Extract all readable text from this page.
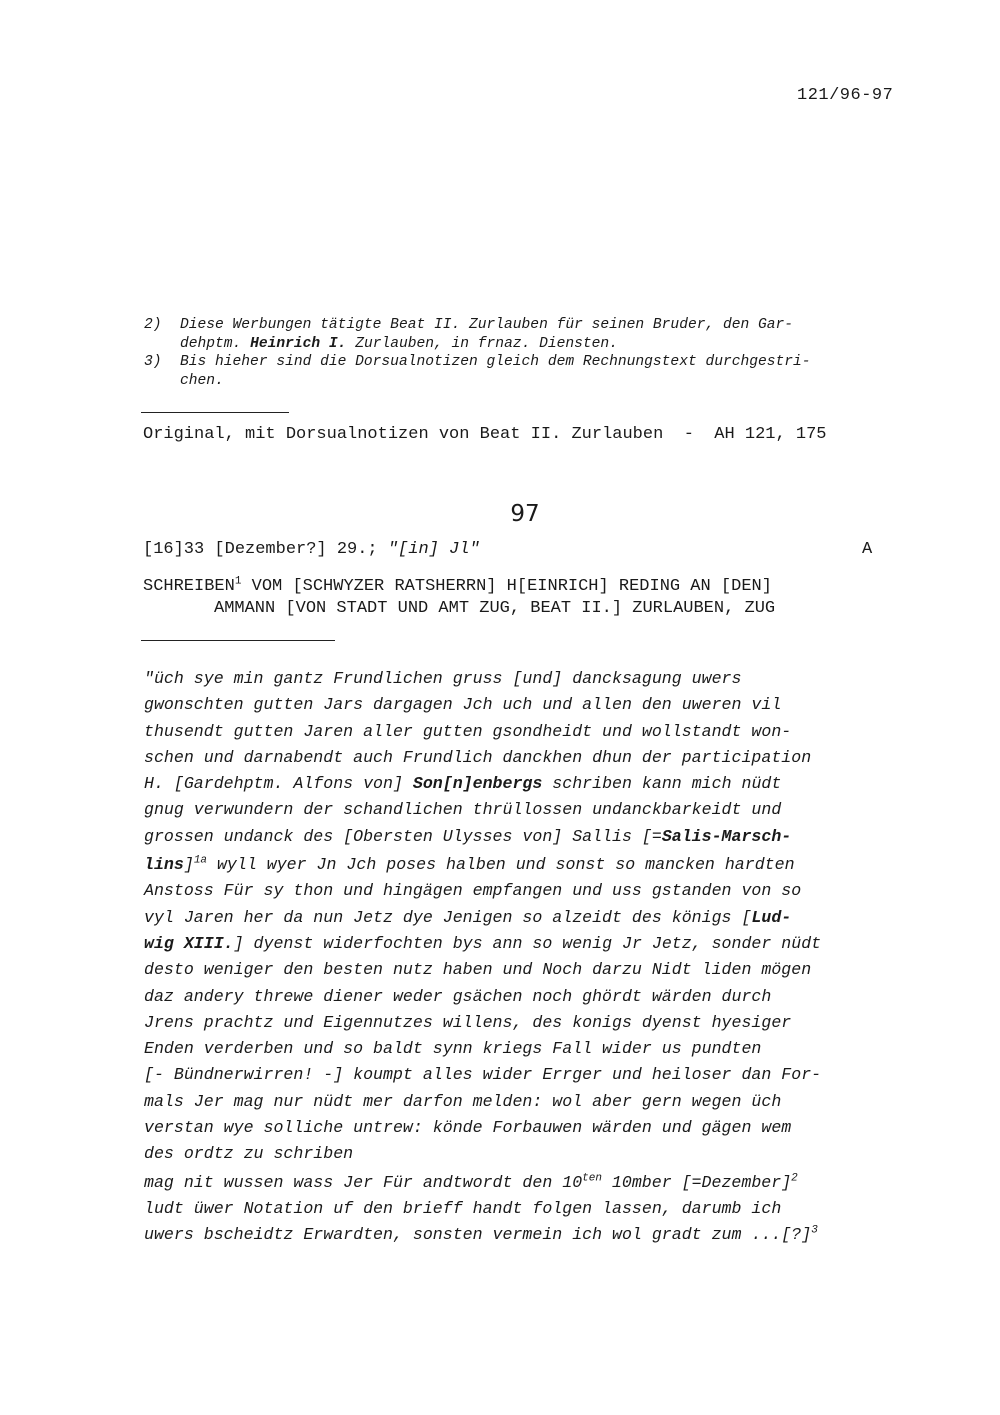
121/96-97
2)	Diese Werbungen tätigte Beat II. Zurlauben für seinen Bruder, den Gar-
dehptm. Heinrich I. Zurlauben, in frnaz. Diensten.
3)	Bis hieher sind die Dorsualnotizen gleich dem Rechnungstext durchgestri-
chen.
Original, mit Dorsualnotizen von Beat II. Zurlauben  -  AH 121, 175
97
[16]33 [Dezember?] 29.; "[in] Jl"	A
SCHREIBEN$^1$ VOM [SCHWYZER RATSHERRN] H[EINRICH] REDING AN [DEN]
AMMANN [VON STADT UND AMT ZUG, BEAT II.] ZURLAUBEN, ZUG
"üch sye min gantz Frundlichen gruss [und] dancksagung uwers
gwonschten gutten Jars dargagen Jch uch und allen den uweren vil
thusendt gutten Jaren aller gutten gsondheidt und wollstandt won-
schen und darnabendt auch Frundlich danckhen dhun der participation
H. [Gardehptm. Alfons von] Son[n]enbergs schriben kann mich nüdt
gnug verwundern der schandlichen thrüllossen undanckbarkeidt und
grossen undanck des [Obersten Ulysses von] Sallis [=Salis-Marsch-
lins]$^{1a}$ wyll wyer Jn Jch poses halben und sonst so mancken hardten
Anstoss Für sy thon und hingägen empfangen und uss gstanden von so
vyl Jaren her da nun Jetz dye Jenigen so alzeidt des königs [Lud-
wig XIII.] dyenst widerfochten bys ann so wenig Jr Jetz, sonder nüdt
desto weniger den besten nutz haben und Noch darzu Nidt liden mögen
daz andery threwe diener weder gsächen noch ghördt wärden durch
Jrens prachtz und Eigennutzes willens, des konigs dyenst hyesiger
Enden verderben und so baldt synn kriegs Fall wider us pundten
[- Bündnerwirren! -] koumpt alles wider Errger und heiloser dan For-
mals Jer mag nur nüdt mer darfon melden: wol aber gern wegen üch
verstan wye solliche untrew: könde Forbauwen wärden und gägen wem
des ordtz zu schriben
mag nit wussen wass Jer Für andtwordt den $10^{ten}$ 10mber [=Dezember]$^2$
ludt üwer Notation uf den brieff handt folgen lassen, darumb ich
uwers bscheidtz Erwardten, sonsten vermein ich wol gradt zum ...[?]$^3$
